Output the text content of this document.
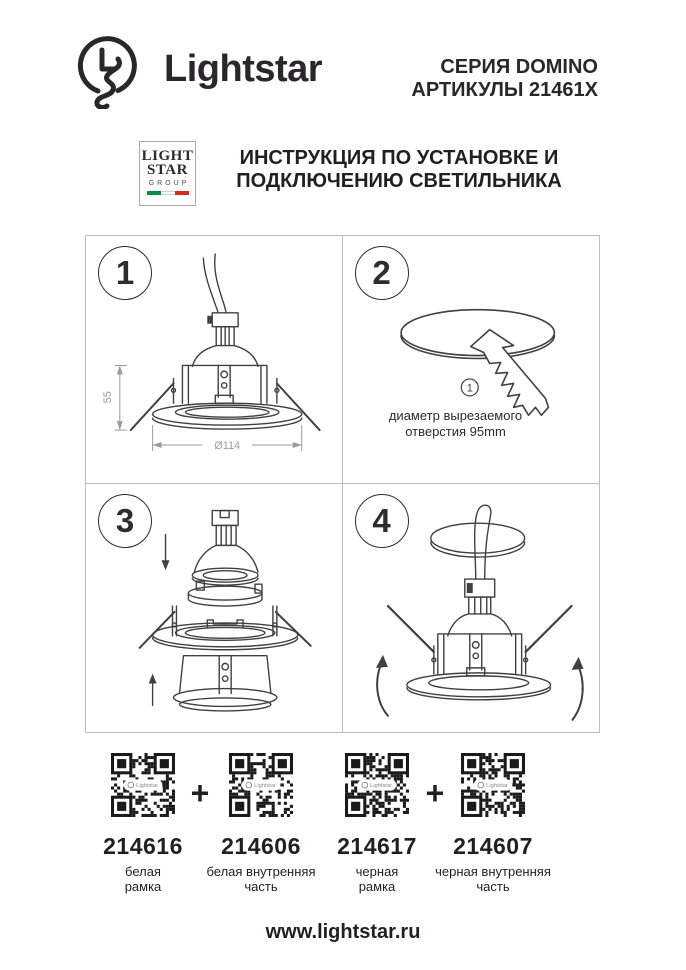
Lightstar	СЕРИЯ DOMINO
АРТИКУЛЫ 21461X
LIGHT
STAR
GROUP
ИНСТРУКЦИЯ ПО УСТАНОВКЕ И
ПОДКЛЮЧЕНИЮ СВЕТИЛЬНИКА
1
Ø114
55
2
1
диаметр вырезаемого
отверстия 95mm
3	4
Lightstar
214616
белая
рамка
+	Lightstar
214606
белая внутренняя
часть
Lightstar
214617
черная
рамка
+	Lightstar
214607
черная внутренняя
часть
www.lightstar.ru
